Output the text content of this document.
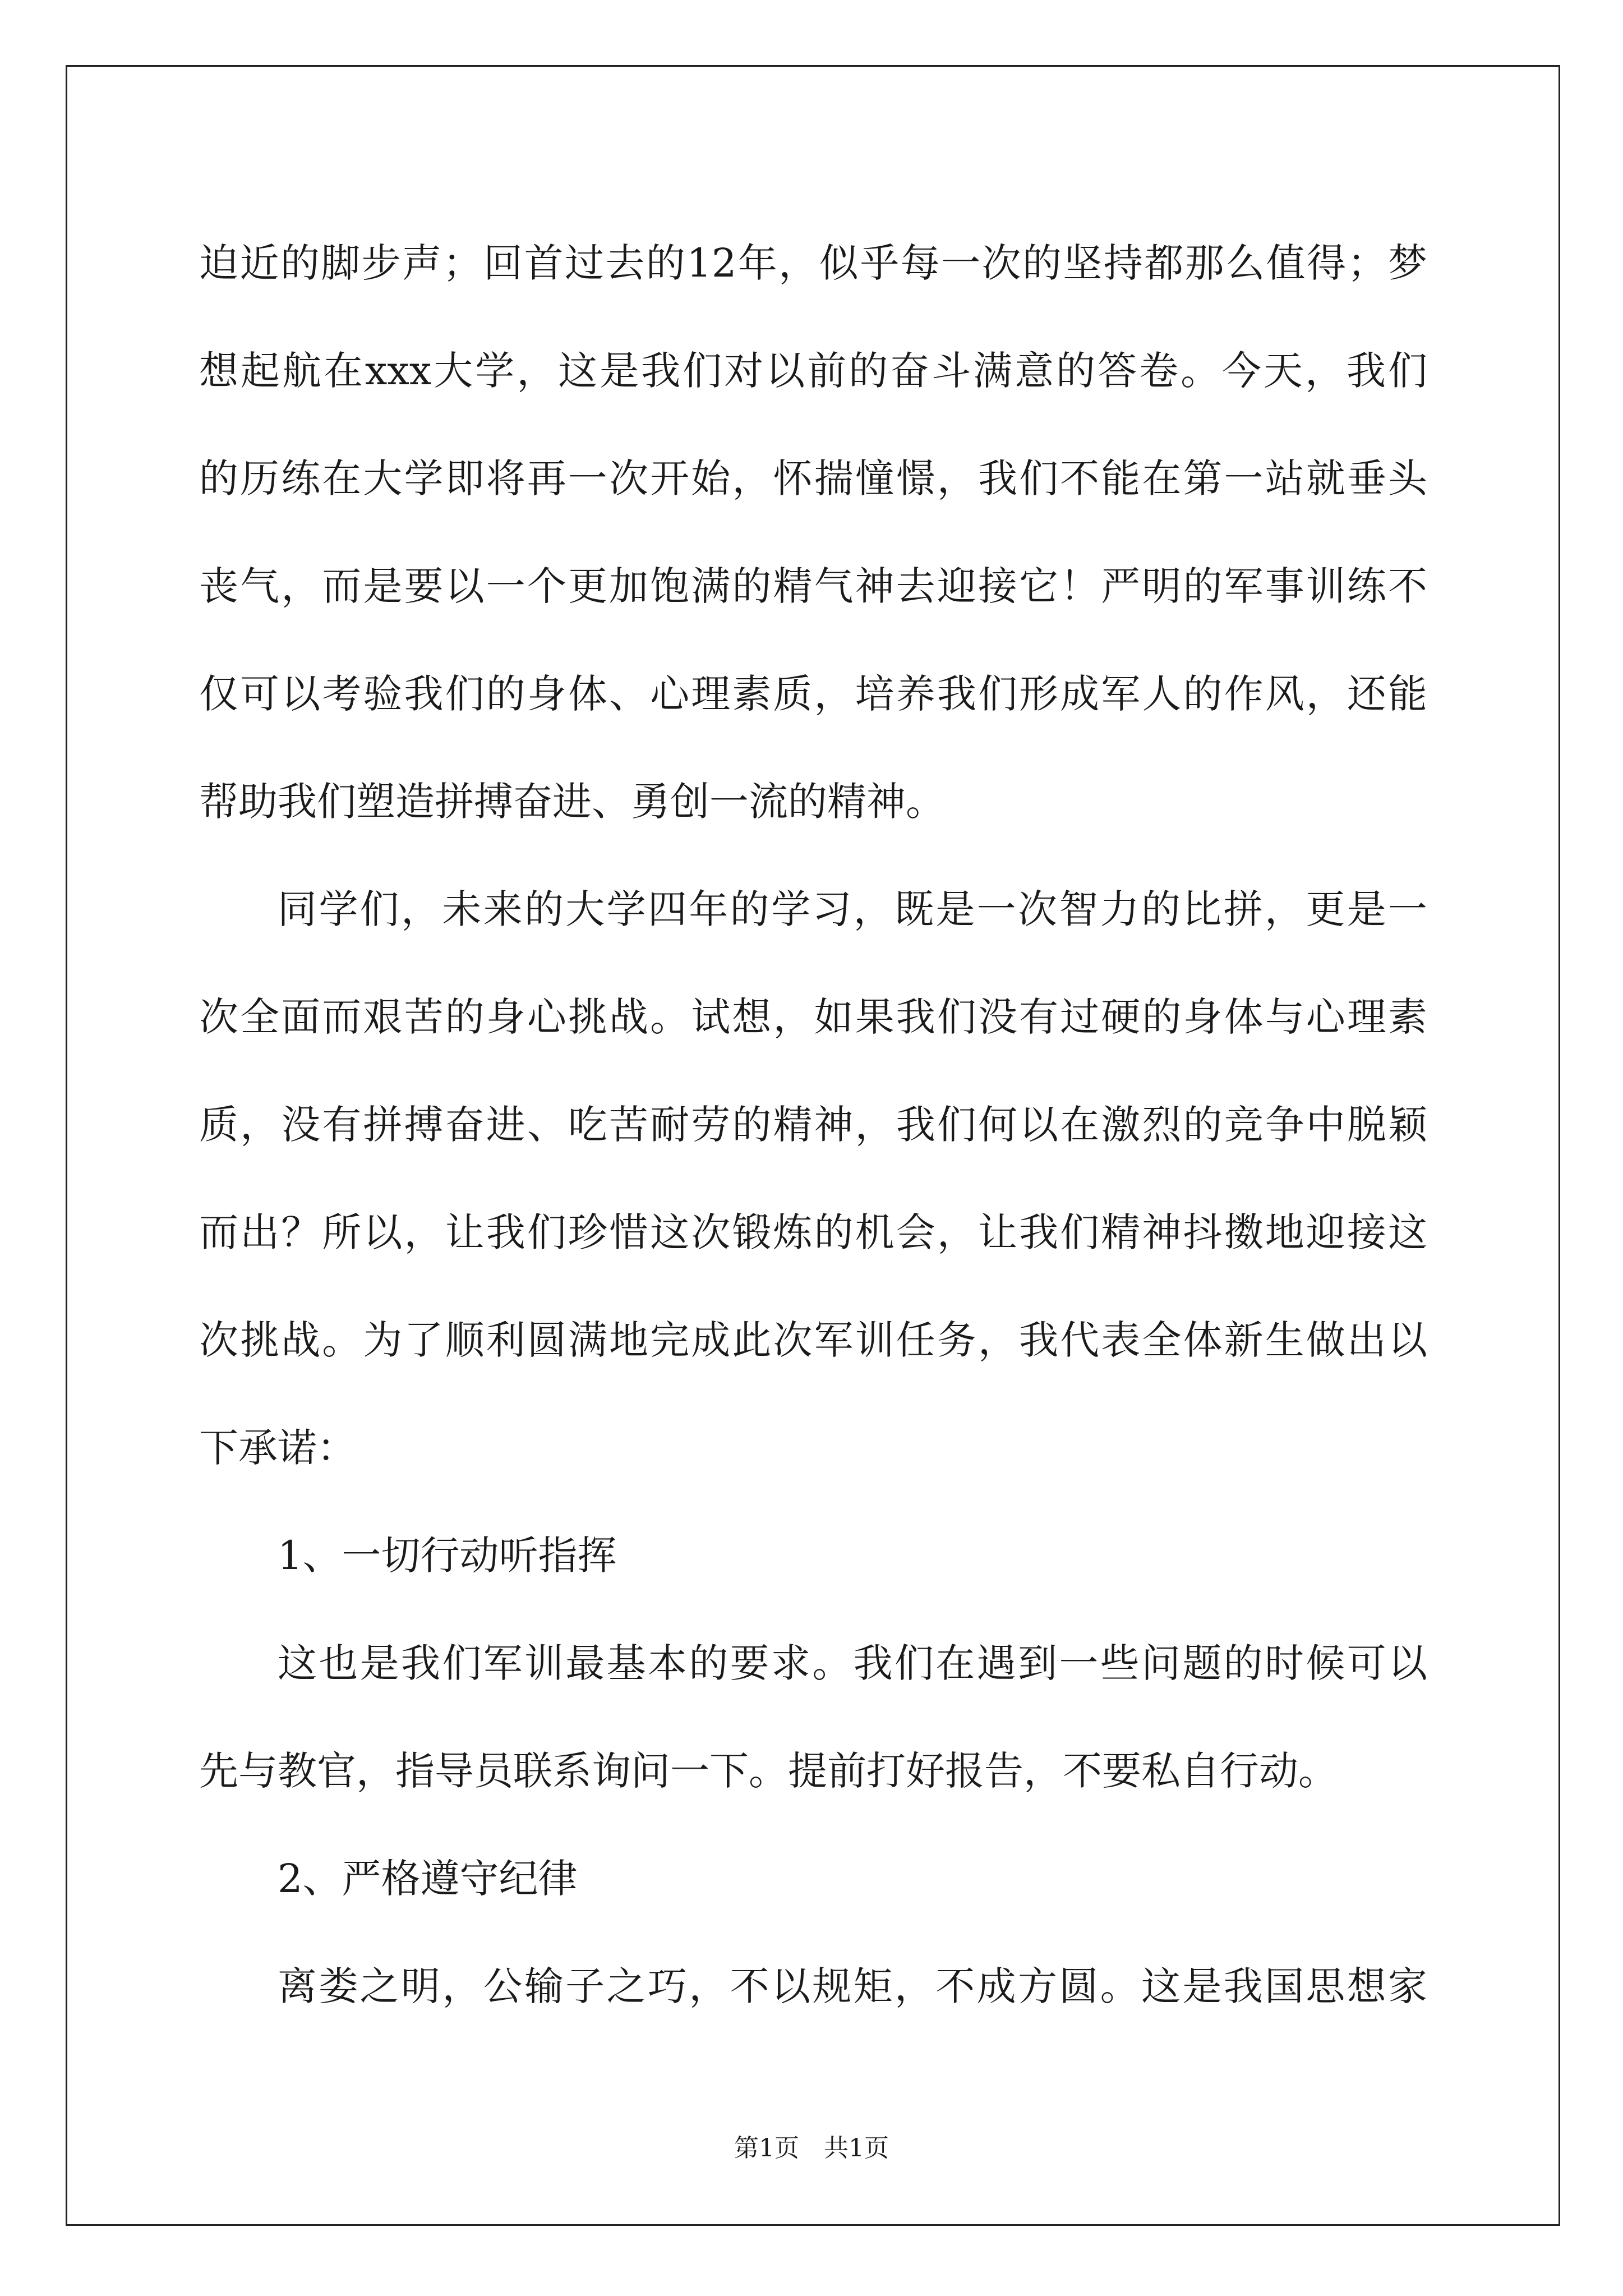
迫近的脚步声；回首过去的12年，似乎每一次的坚持都那么值得；梦
想起航在xxx大学，这是我们对以前的奋斗满意的答卷。今天，我们
的历练在大学即将再一次开始，怀揣憧憬，我们不能在第一站就垂头
丧气，而是要以一个更加饱满的精气神去迎接它！严明的军事训练不
仅可以考验我们的身体、心理素质，培养我们形成军人的作风，还能
帮助我们塑造拼搏奋进、勇创一流的精神。
同学们，未来的大学四年的学习，既是一次智力的比拼，更是一
次全面而艰苦的身心挑战。试想，如果我们没有过硬的身体与心理素
质，没有拼搏奋进、吃苦耐劳的精神，我们何以在激烈的竞争中脱颖
而出？所以，让我们珍惜这次锻炼的机会，让我们精神抖擞地迎接这
次挑战。为了顺利圆满地完成此次军训任务，我代表全体新生做出以
下承诺：
1、一切行动听指挥
这也是我们军训最基本的要求。我们在遇到一些问题的时候可以
先与教官，指导员联系询问一下。提前打好报告，不要私自行动。
2、严格遵守纪律
离娄之明，公输子之巧，不以规矩，不成方圆。这是我国思想家
第1页 共1页
